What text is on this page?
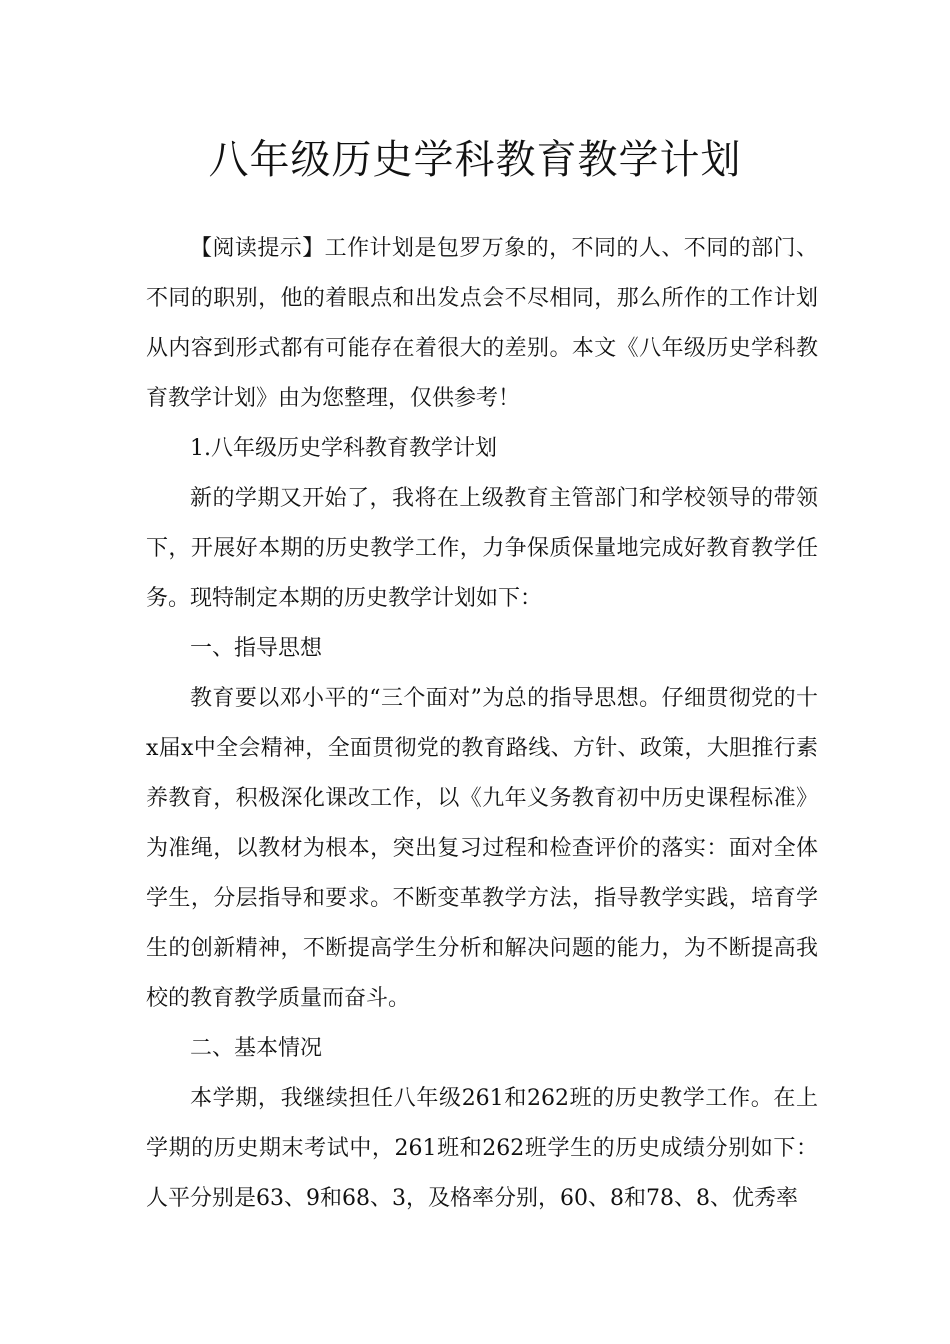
八年级历史学科教育教学计划

【阅读提示】工作计划是包罗万象的，不同的人、不同的部门、不同的职别，他的着眼点和出发点会不尽相同，那么所作的工作计划从内容到形式都有可能存在着很大的差别。本文《八年级历史学科教育教学计划》由为您整理，仅供参考！

1.八年级历史学科教育教学计划

新的学期又开始了，我将在上级教育主管部门和学校领导的带领下，开展好本期的历史教学工作，力争保质保量地完成好教育教学任务。现特制定本期的历史教学计划如下：

一、指导思想

教育要以邓小平的“三个面对”为总的指导思想。仔细贯彻党的十x届x中全会精神，全面贯彻党的教育路线、方针、政策，大胆推行素养教育，积极深化课改工作，以《九年义务教育初中历史课程标准》为准绳，以教材为根本，突出复习过程和检查评价的落实：面对全体学生，分层指导和要求。不断变革教学方法，指导教学实践，培育学生的创新精神，不断提高学生分析和解决问题的能力，为不断提高我校的教育教学质量而奋斗。

二、基本情况

本学期，我继续担任八年级261和262班的历史教学工作。在上学期的历史期末考试中，261班和262班学生的历史成绩分别如下：人平分别是63、9和68、3，及格率分别，60、8和78、8、优秀率
